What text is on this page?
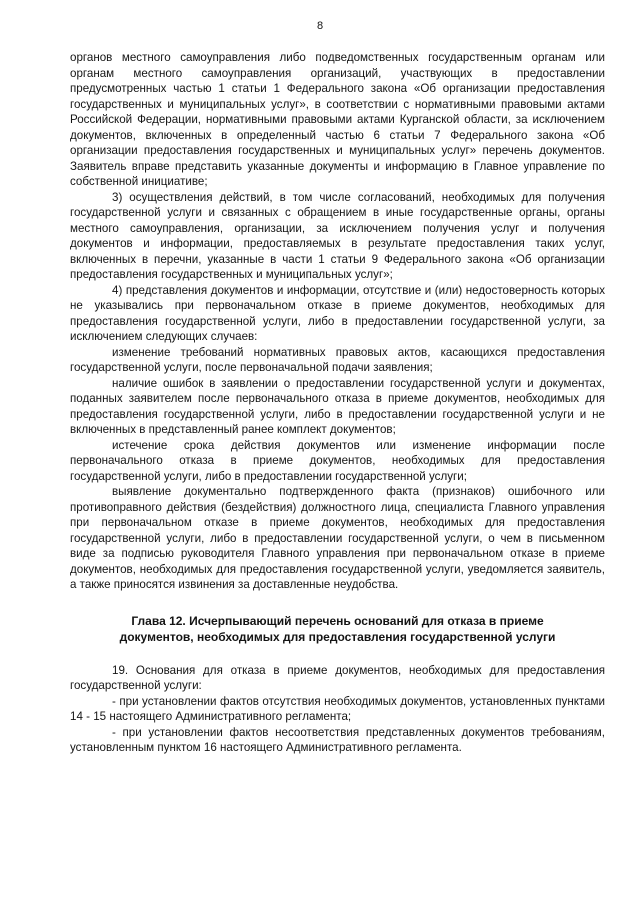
8

органов местного самоуправления либо подведомственных государственным органам или органам местного самоуправления организаций, участвующих в предоставлении предусмотренных частью 1 статьи 1 Федерального закона «Об организации предоставления государственных и муниципальных услуг», в соответствии с нормативными правовыми актами Российской Федерации, нормативными правовыми актами Курганской области, за исключением документов, включенных в определенный частью 6 статьи 7 Федерального закона «Об организации предоставления государственных и муниципальных услуг» перечень документов. Заявитель вправе представить указанные документы и информацию в Главное управление по собственной инициативе;

3) осуществления действий, в том числе согласований, необходимых для получения государственной услуги и связанных с обращением в иные государственные органы, органы местного самоуправления, организации, за исключением получения услуг и получения документов и информации, предоставляемых в результате предоставления таких услуг, включенных в перечни, указанные в части 1 статьи 9 Федерального закона «Об организации предоставления государственных и муниципальных услуг»;

4) представления документов и информации, отсутствие и (или) недостоверность которых не указывались при первоначальном отказе в приеме документов, необходимых для предоставления государственной услуги, либо в предоставлении государственной услуги, за исключением следующих случаев:

изменение требований нормативных правовых актов, касающихся предоставления государственной услуги, после первоначальной подачи заявления;

наличие ошибок в заявлении о предоставлении государственной услуги и документах, поданных заявителем после первоначального отказа в приеме документов, необходимых для предоставления государственной услуги, либо в предоставлении государственной услуги и не включенных в представленный ранее комплект документов;

истечение срока действия документов или изменение информации после первоначального отказа в приеме документов, необходимых для предоставления государственной услуги, либо в предоставлении государственной услуги;

выявление документально подтвержденного факта (признаков) ошибочного или противоправного действия (бездействия) должностного лица, специалиста Главного управления при первоначальном отказе в приеме документов, необходимых для предоставления государственной услуги, либо в предоставлении государственной услуги, о чем в письменном виде за подписью руководителя Главного управления при первоначальном отказе в приеме документов, необходимых для предоставления государственной услуги, уведомляется заявитель, а также приносятся извинения за доставленные неудобства.

Глава 12. Исчерпывающий перечень оснований для отказа в приеме
документов, необходимых для предоставления государственной услуги

19. Основания для отказа в приеме документов, необходимых для предоставления государственной услуги:

- при установлении фактов отсутствия необходимых документов, установленных пунктами 14 - 15 настоящего Административного регламента;

- при установлении фактов несоответствия представленных документов требованиям, установленным пунктом 16 настоящего Административного регламента.
